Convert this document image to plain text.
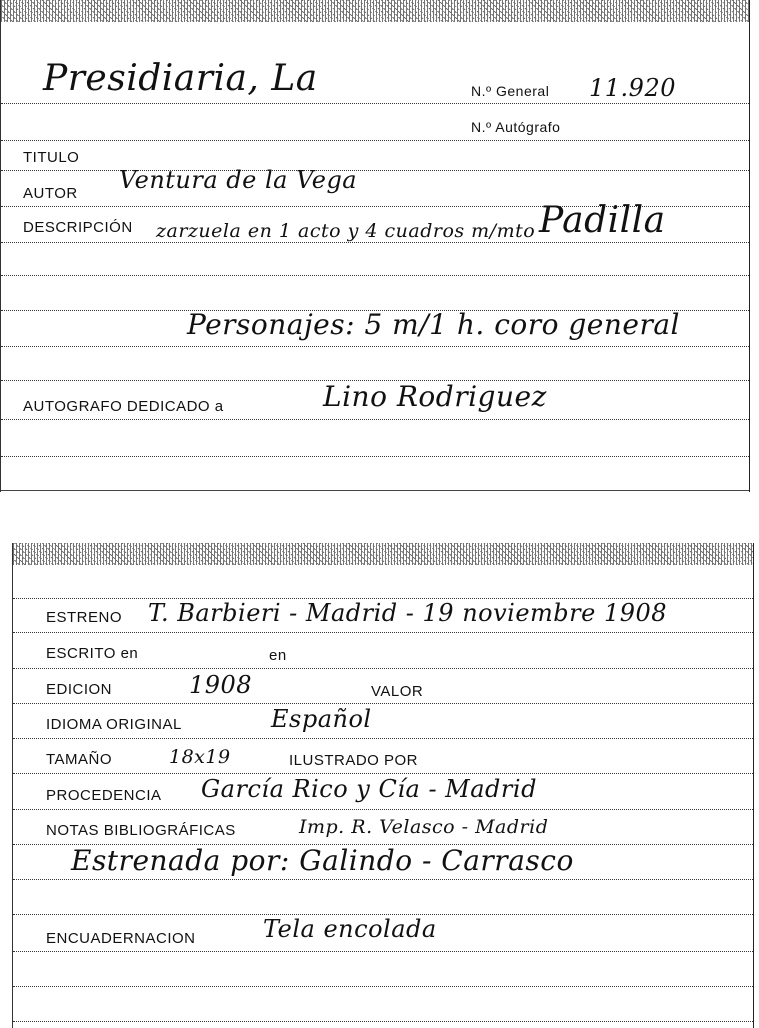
Presidiaria, La	N.º General 11.920
N.º Autógrafo
TITULO
AUTOR Ventura de la Vega
DESCRIPCIÓN zarzuela en 1 acto y 4 cuadros m/mto Padilla
Personajes: 5 m/1 h. coro general
AUTOGRAFO DEDICADO a	Lino Rodriguez
ESTRENO T. Barbieri - Madrid - 19 noviembre 1908
ESCRITO en	en
EDICION	1908	VALOR
IDIOMA ORIGINAL	Español
TAMAÑO	18x19	ILUSTRADO POR
PROCEDENCIA García Rico y Cía - Madrid
NOTAS BIBLIOGRÁFICAS	Imp. R. Velasco - Madrid
Estrenada por: Galindo - Carrasco
ENCUADERNACION	Tela encolada
